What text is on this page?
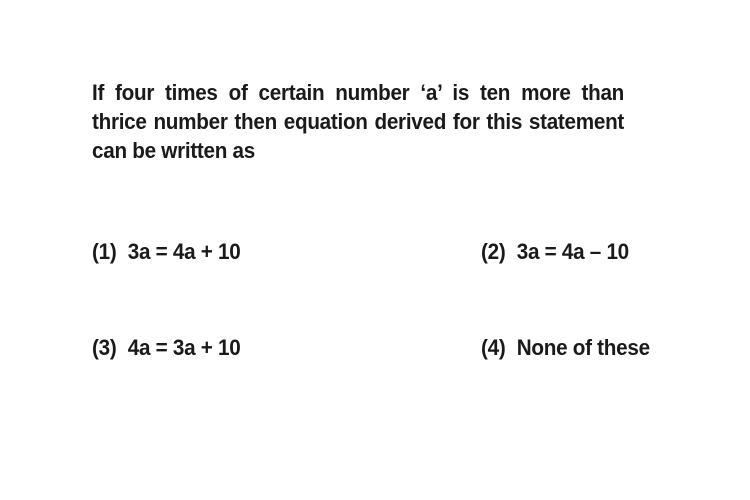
If four times of certain number ‘a’ is ten more than thrice number then equation derived for this statement can be written as
(1) 3a = 4a + 10	(2) 3a = 4a – 10
(3) 4a = 3a + 10	(4) None of these
